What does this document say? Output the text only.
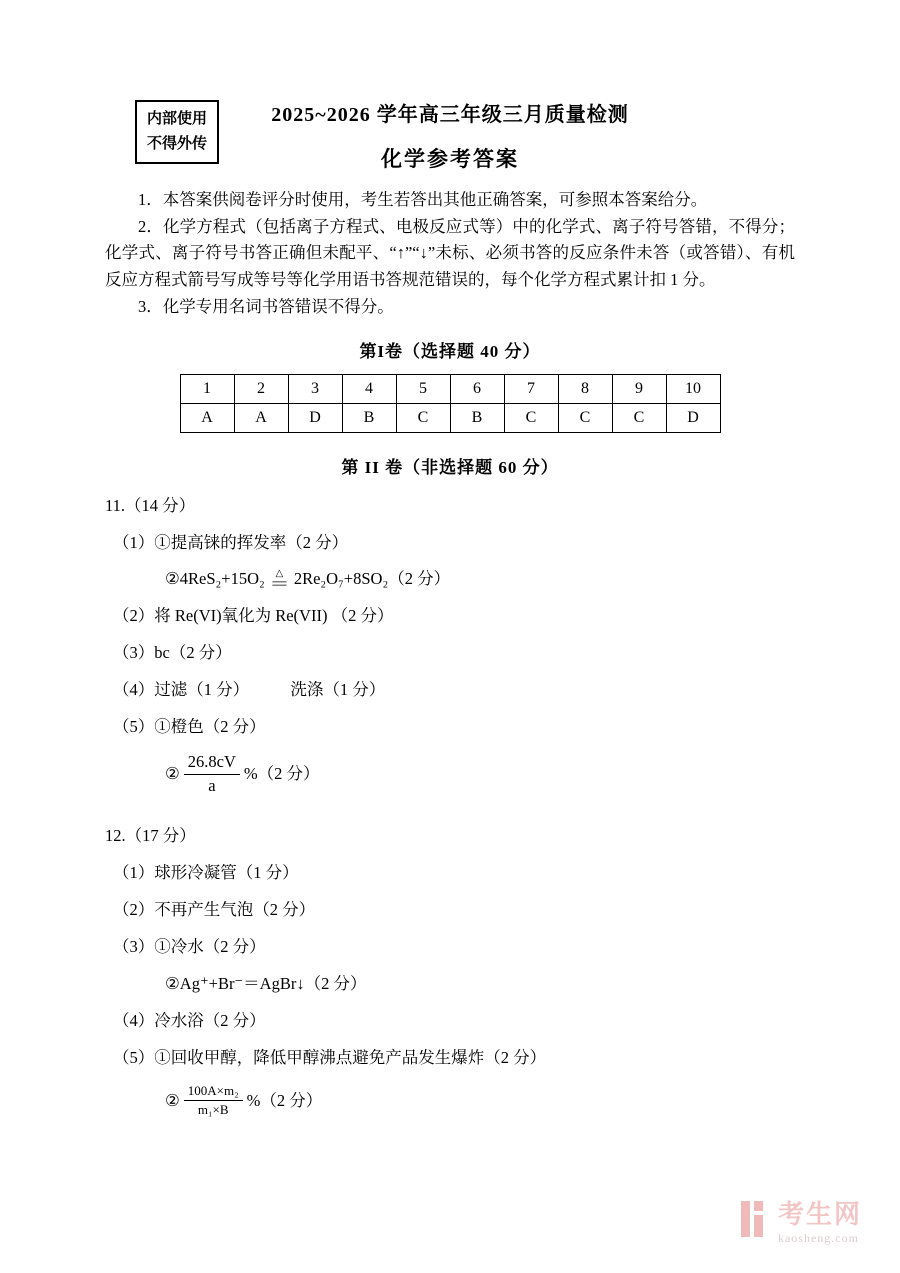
内部使用
不得外传
2025~2026 学年高三年级三月质量检测
化学参考答案

1．本答案供阅卷评分时使用，考生若答出其他正确答案，可参照本答案给分。

2．化学方程式（包括离子方程式、电极反应式等）中的化学式、离子符号答错，不得分；化学式、离子符号书答正确但未配平、“↑”“↓”未标、必须书答的反应条件未答（或答错）、有机反应方程式箭号写成等号等化学用语书答规范错误的，每个化学方程式累计扣 1 分。

3．化学专用名词书答错误不得分。

第I卷（选择题 40 分）
1	2	3	4	5	6	7	8	9	10
A	A	D	B	C	B	C	C	C	D
第 II 卷（非选择题 60 分）
11.（14 分）
（1）①提高铼的挥发率（2 分）
②4ReS₂+15O₂ △
= 2Re₂O₇+8SO₂（2 分）
（2）将 Re(VI)氧化为 Re(VII) （2 分）
（3）bc（2 分）
（4）过滤（1 分）　　　洗涤（1 分）
（5）①橙色（2 分）
② $\frac{26.8cV}{a} \%(2$ 分）
12.（17 分）
（1）球形冷凝管（1 分）
（2）不再产生气泡（2 分）
（3）①冷水（2 分）
②Ag⁺+Br⁻＝AgBr↓（2 分）
（4）冷水浴（2 分）
（5）①回收甲醇，降低甲醇沸点避免产品发生爆炸（2 分）
② $\frac{\text{100A×m₂}}{\text{m₁×B}} \%(2$ 分）
考生网
kaosheng.com
